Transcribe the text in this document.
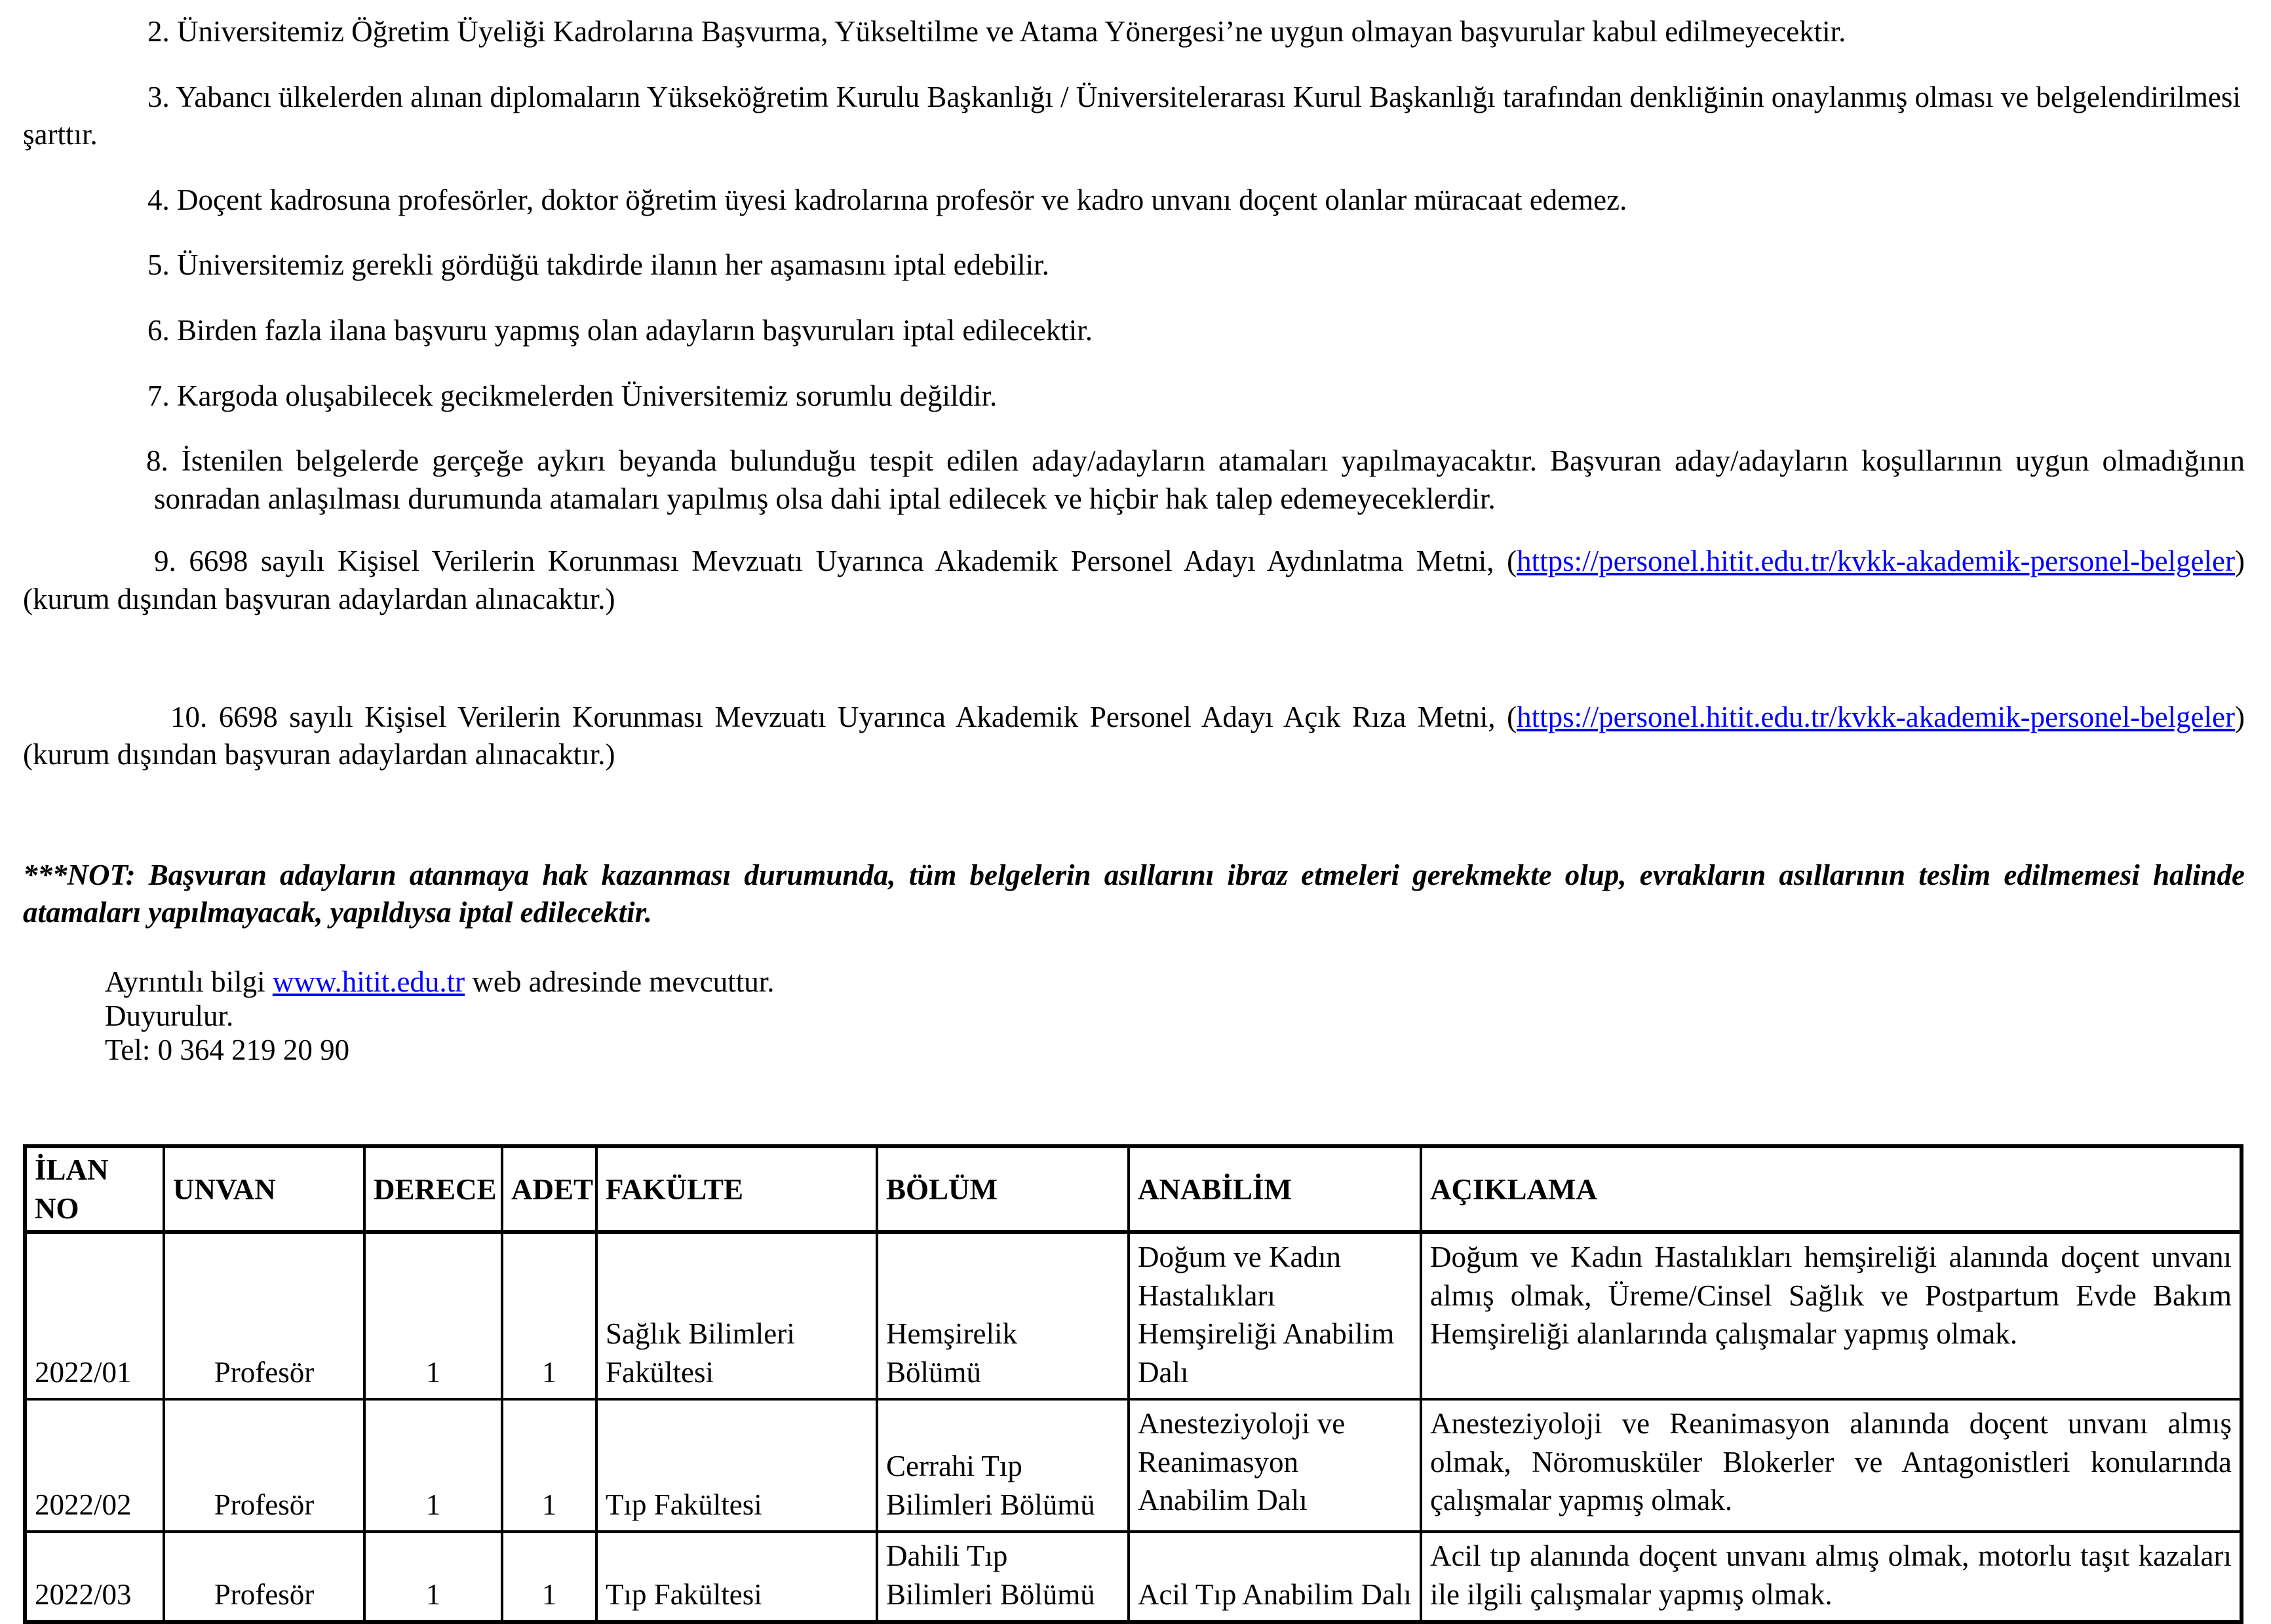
2. Üniversitemiz Öğretim Üyeliği Kadrolarına Başvurma, Yükseltilme ve Atama Yönergesi’ne uygun olmayan başvurular kabul edilmeyecektir.

3. Yabancı ülkelerden alınan diplomaların Yükseköğretim Kurulu Başkanlığı / Üniversitelerarası Kurul Başkanlığı tarafından denkliğinin onaylanmış olması ve belgelendirilmesi şarttır.

4. Doçent kadrosuna profesörler, doktor öğretim üyesi kadrolarına profesör ve kadro unvanı doçent olanlar müracaat edemez.

5. Üniversitemiz gerekli gördüğü takdirde ilanın her aşamasını iptal edebilir.

6. Birden fazla ilana başvuru yapmış olan adayların başvuruları iptal edilecektir.

7. Kargoda oluşabilecek gecikmelerden Üniversitemiz sorumlu değildir.

8. İstenilen belgelerde gerçeğe aykırı beyanda bulunduğu tespit edilen aday/adayların atamaları yapılmayacaktır. Başvuran aday/adayların koşullarının uygun olmadığının sonradan anlaşılması durumunda atamaları yapılmış olsa dahi iptal edilecek ve hiçbir hak talep edemeyeceklerdir.

9. 6698 sayılı Kişisel Verilerin Korunması Mevzuatı Uyarınca Akademik Personel Adayı Aydınlatma Metni, (https://personel.hitit.edu.tr/kvkk-akademik-personel-belgeler) (kurum dışından başvuran adaylardan alınacaktır.)

10. 6698 sayılı Kişisel Verilerin Korunması Mevzuatı Uyarınca Akademik Personel Adayı Açık Rıza Metni, (https://personel.hitit.edu.tr/kvkk-akademik-personel-belgeler) (kurum dışından başvuran adaylardan alınacaktır.)

***NOT: Başvuran adayların atanmaya hak kazanması durumunda, tüm belgelerin asıllarını ibraz etmeleri gerekmekte olup, evrakların asıllarının teslim edilmemesi halinde atamaları yapılmayacak, yapıldıysa iptal edilecektir.

Ayrıntılı bilgi www.hitit.edu.tr web adresinde mevcuttur.

Duyurulur.

Tel: 0 364 219 20 90

İLAN NO	UNVAN	DERECE	ADET	FAKÜLTE	BÖLÜM	ANABİLİM	AÇIKLAMA
2022/01	Profesör	1	1	Sağlık Bilimleri Fakültesi	Hemşirelik Bölümü	Doğum ve Kadın Hastalıkları Hemşireliği Anabilim Dalı	Doğum ve Kadın Hastalıkları hemşireliği alanında doçent unvanı almış olmak, Üreme/Cinsel Sağlık ve Postpartum Evde Bakım Hemşireliği alanlarında çalışmalar yapmış olmak.
2022/02	Profesör	1	1	Tıp Fakültesi	Cerrahi Tıp Bilimleri Bölümü	Anesteziyoloji ve Reanimasyon Anabilim Dalı	Anesteziyoloji ve Reanimasyon alanında doçent unvanı almış olmak, Nöromusküler Blokerler ve Antagonistleri konularında çalışmalar yapmış olmak.
2022/03	Profesör	1	1	Tıp Fakültesi	Dahili Tıp Bilimleri Bölümü	Acil Tıp Anabilim Dalı	Acil tıp alanında doçent unvanı almış olmak, motorlu taşıt kazaları ile ilgili çalışmalar yapmış olmak.
